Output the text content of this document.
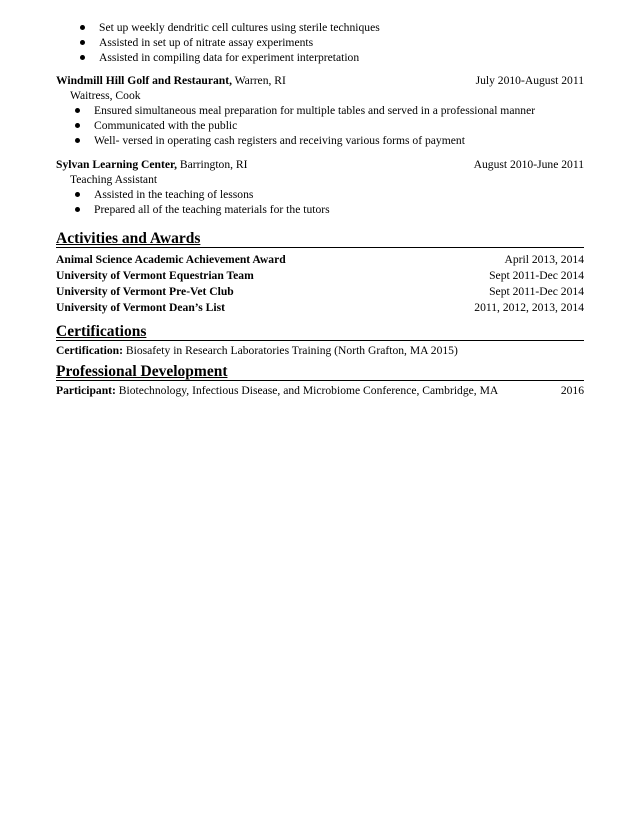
Set up weekly dendritic cell cultures using sterile techniques
Assisted in set up of nitrate assay experiments
Assisted in compiling data for experiment interpretation
Windmill Hill Golf and Restaurant, Warren, RI	July 2010-August 2011
Waitress, Cook
Ensured simultaneous meal preparation for multiple tables and served in a professional manner
Communicated with the public
Well- versed in operating cash registers and receiving various forms of payment
Sylvan Learning Center, Barrington, RI	August 2010-June 2011
Teaching Assistant
Assisted in the teaching of lessons
Prepared all of the teaching materials for the tutors
Activities and Awards
Animal Science Academic Achievement Award	April 2013, 2014
University of Vermont Equestrian Team	Sept 2011-Dec 2014
University of Vermont Pre-Vet Club	Sept 2011-Dec 2014
University of Vermont Dean’s List	2011, 2012, 2013, 2014
Certifications
Certification: Biosafety in Research Laboratories Training (North Grafton, MA 2015)
Professional Development
Participant: Biotechnology, Infectious Disease, and Microbiome Conference, Cambridge, MA	2016
